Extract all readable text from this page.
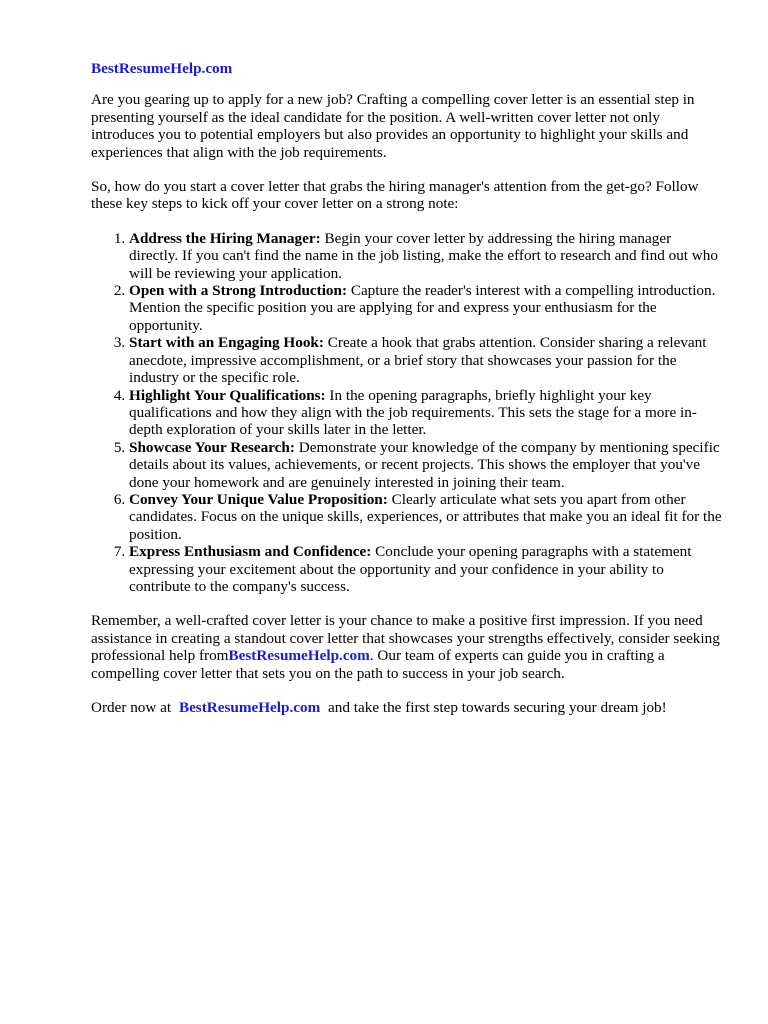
BestResumeHelp.com

Are you gearing up to apply for a new job? Crafting a compelling cover letter is an essential step in presenting yourself as the ideal candidate for the position. A well-written cover letter not only introduces you to potential employers but also provides an opportunity to highlight your skills and experiences that align with the job requirements.

So, how do you start a cover letter that grabs the hiring manager's attention from the get-go? Follow these key steps to kick off your cover letter on a strong note:

1. Address the Hiring Manager: Begin your cover letter by addressing the hiring manager directly. If you can't find the name in the job listing, make the effort to research and find out who will be reviewing your application.
2. Open with a Strong Introduction: Capture the reader's interest with a compelling introduction. Mention the specific position you are applying for and express your enthusiasm for the opportunity.
3. Start with an Engaging Hook: Create a hook that grabs attention. Consider sharing a relevant anecdote, impressive accomplishment, or a brief story that showcases your passion for the industry or the specific role.
4. Highlight Your Qualifications: In the opening paragraphs, briefly highlight your key qualifications and how they align with the job requirements. This sets the stage for a more in-depth exploration of your skills later in the letter.
5. Showcase Your Research: Demonstrate your knowledge of the company by mentioning specific details about its values, achievements, or recent projects. This shows the employer that you've done your homework and are genuinely interested in joining their team.
6. Convey Your Unique Value Proposition: Clearly articulate what sets you apart from other candidates. Focus on the unique skills, experiences, or attributes that make you an ideal fit for the position.
7. Express Enthusiasm and Confidence: Conclude your opening paragraphs with a statement expressing your excitement about the opportunity and your confidence in your ability to contribute to the company's success.

Remember, a well-crafted cover letter is your chance to make a positive first impression. If you need assistance in creating a standout cover letter that showcases your strengths effectively, consider seeking professional help fromBestResumeHelp.com. Our team of experts can guide you in crafting a compelling cover letter that sets you on the path to success in your job search.

Order now at BestResumeHelp.com and take the first step towards securing your dream job!
